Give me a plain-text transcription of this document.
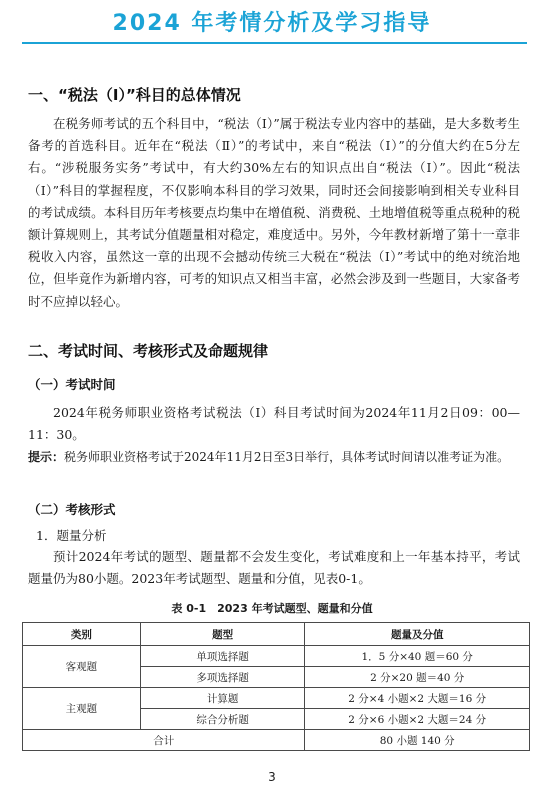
2024 年考情分析及学习指导
一、“税法（Ⅰ）”科目的总体情况

在税务师考试的五个科目中，“税法（Ⅰ）”属于税法专业内容中的基础，是大多数考生备考的首选科目。近年在“税法（Ⅱ）”的考试中，来自“税法（Ⅰ）”的分值大约在5分左右。“涉税服务实务”考试中，有大约30%左右的知识点出自“税法（Ⅰ）”。因此“税法（Ⅰ）”科目的掌握程度，不仅影响本科目的学习效果，同时还会间接影响到相关专业科目的考试成绩。本科目历年考核要点均集中在增值税、消费税、土地增值税等重点税种的税额计算规则上，其考试分值题量相对稳定，难度适中。另外，今年教材新增了第十一章非税收入内容，虽然这一章的出现不会撼动传统三大税在“税法（Ⅰ）”考试中的绝对统治地位，但毕竟作为新增内容，可考的知识点又相当丰富，必然会涉及到一些题目，大家备考时不应掉以轻心。

二、考试时间、考核形式及命题规律
（一）考试时间

2024年税务师职业资格考试税法（Ⅰ）科目考试时间为2024年11月2日09：00—11：30。

提示：税务师职业资格考试于2024年11月2日至3日举行，具体考试时间请以准考证为准。

（二）考核形式
1．题量分析

预计2024年考试的题型、题量都不会发生变化，考试难度和上一年基本持平，考试题量仍为80小题。2023年考试题型、题量和分值，见表0-1。

表 0-1　2023 年考试题型、题量和分值
类别	题型	题量及分值
客观题	单项选择题	1．5 分×40 题＝60 分
	多项选择题	2 分×20 题＝40 分
主观题	计算题	2 分×4 小题×2 大题＝16 分
	综合分析题	2 分×6 小题×2 大题＝24 分
合计		80 小题 140 分
3
